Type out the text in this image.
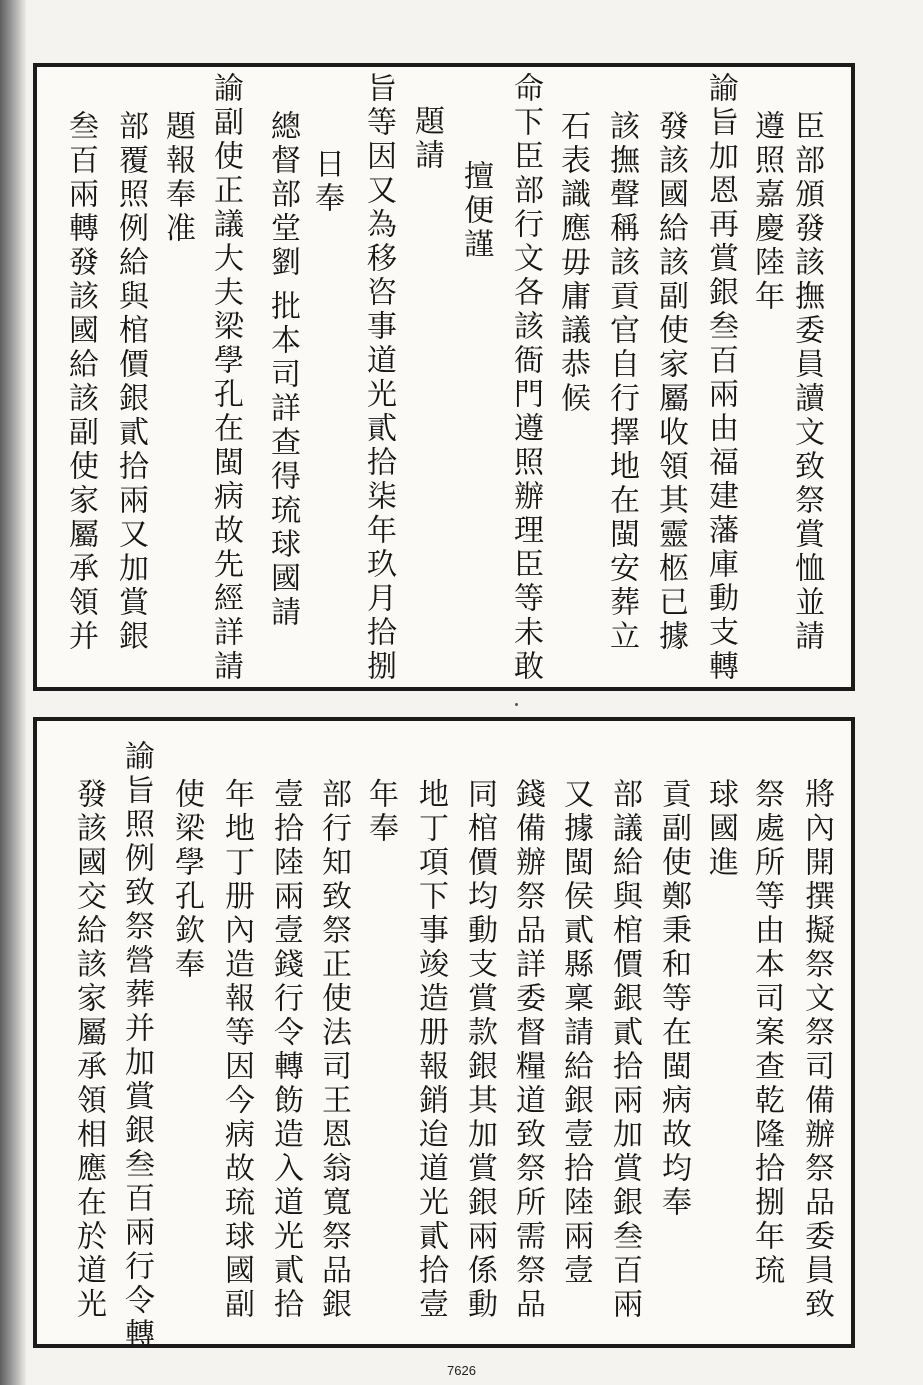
臣部頒發該撫委員讀文致祭賞恤並請
遵照嘉慶陸年
諭旨加恩再賞銀叁百兩由福建藩庫動支轉
發該國給該副使家屬收領其靈柩已據
該撫聲稱該貢官自行擇地在閩安葬立
石表識應毋庸議恭候
命下臣部行文各該衙門遵照辦理臣等未敢
擅便謹
題請
旨等因又為移咨事道光貳拾柒年玖月拾捌
日奉
總督部堂劉
批本司詳查得琉球國請
諭副使正議大夫梁學孔在閩病故先經詳請
題報奉准
部覆照例給與棺價銀貳拾兩又加賞銀
叁百兩轉發該國給該副使家屬承領并
將內開撰擬祭文祭司備辦祭品委員致
祭處所等由本司案查乾隆拾捌年琉
球國進
貢副使鄭秉和等在閩病故均奉
部議給與棺價銀貳拾兩加賞銀叁百兩
又據閩侯貳縣稟請給銀壹拾陸兩壹
錢備辦祭品詳委督糧道致祭所需祭品
同棺價均動支賞款銀其加賞銀兩係動
地丁項下事竣造册報銷迨道光貳拾壹
年奉
部行知致祭正使法司王恩翁寬祭品銀
壹拾陸兩壹錢行令轉飭造入道光貳拾
年地丁册內造報等因今病故琉球國副
使梁學孔欽奉
諭旨照例致祭營葬并加賞銀叁百兩行令轉
發該國交給該家屬承領相應在於道光
7626
